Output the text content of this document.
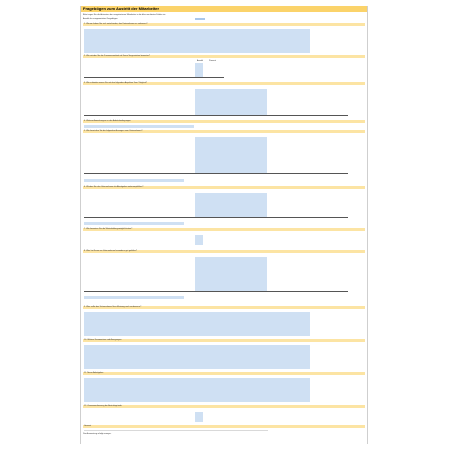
Fragebögen zum Austritt der Mitarbeiter
Bitte tragen Sie die Antworten der ausgetretenen Mitarbeiter in die blau markierten Felder ein.
Anzahl der ausgewerteten Fragebögen
1. Warum haben Sie sich entschieden, das Unternehmen zu verlassen?
2. Wie würden Sie die Zusammenarbeit mit Ihrem Vorgesetzten bewerten?
Anzahl	Prozent
3. Wie zufrieden waren Sie mit den folgenden Aspekten Ihrer Tätigkeit?
4. Weitere Anmerkungen zu den Arbeitsbedingungen
5. Wie beurteilen Sie die folgenden Aussagen zum Unternehmen?
6. Würden Sie das Unternehmen als Arbeitgeber weiterempfehlen?
7. Wie bewerten Sie die Weiterbildungsmöglichkeiten?
8. Was hat Ihnen am Unternehmen besonders gut gefallen?
9. Was sollte das Unternehmen Ihrer Meinung nach verbessern?
10. Weitere Kommentare und Anregungen
11. Neuer Arbeitgeber
12. Zusammenfassung der Austrittsgründe
Gesamt
Die Auswertung erfolgt anonym.
